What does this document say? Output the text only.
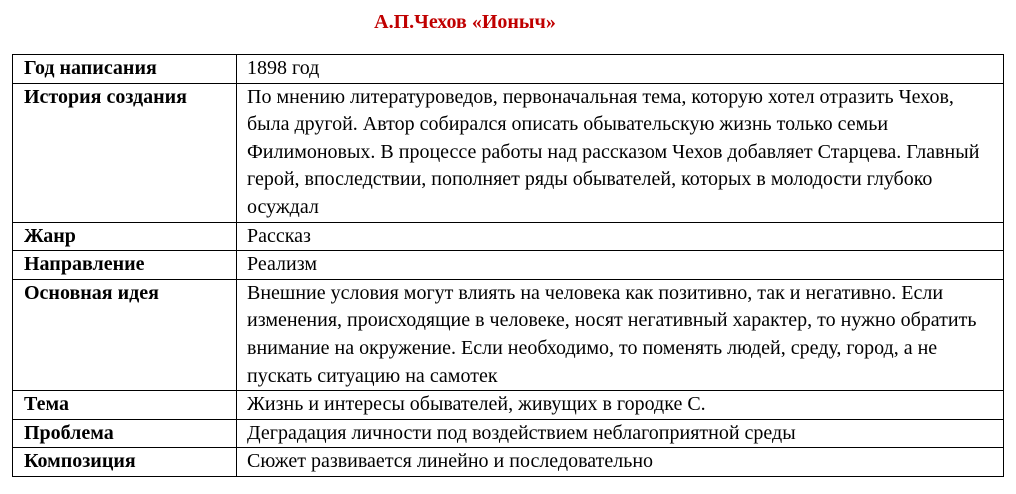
А.П.Чехов «Ионыч»
Год написания	1898 год
История создания	По мнению литературоведов, первоначальная тема, которую хотел отразить Чехов, была другой. Автор собирался описать обывательскую жизнь только семьи Филимоновых. В процессе работы над рассказом Чехов добавляет Старцева. Главный герой, впоследствии, пополняет ряды обывателей, которых в молодости глубоко осуждал
Жанр	Рассказ
Направление	Реализм
Основная идея	Внешние условия могут влиять на человека как позитивно, так и негативно. Если изменения, происходящие в человеке, носят негативный характер, то нужно обратить внимание на окружение. Если необходимо, то поменять людей, среду, город, а не пускать ситуацию на самотек
Тема	Жизнь и интересы обывателей, живущих в городке С.
Проблема	Деградация личности под воздействием неблагоприятной среды
Композиция	Сюжет развивается линейно и последовательно
